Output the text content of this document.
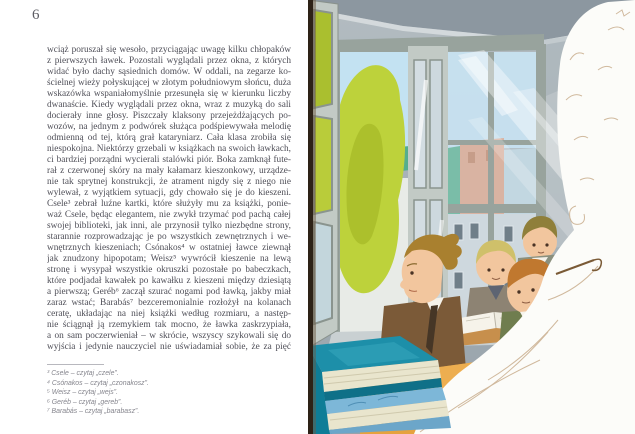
6
wciąż poruszał się wesoło, przyciągając uwagę kilku chłopaków
z pierwszych ławek. Pozostali wyglądali przez okna, z których
widać było dachy sąsiednich domów. W oddali, na zegarze ko-
ścielnej wieży połyskującej w złotym południowym słońcu, duża
wskazówka wspaniałomyślnie przesunęła się w kierunku liczby
dwanaście. Kiedy wyglądali przez okna, wraz z muzyką do sali
docierały inne głosy. Piszczały klaksony przejeżdżających po-
wozów, na jednym z podwórek służąca podśpiewywała melodię
odmienną od tej, którą grał kataryniarz. Cała klasa zrobiła się
niespokojna. Niektórzy grzebali w książkach na swoich ławkach,
ci bardziej porządni wycierali stalówki piór. Boka zamknął fute-
rał z czerwonej skóry na mały kałamarz kieszonkowy, urządze-
nie tak sprytnej konstrukcji, że atrament nigdy się z niego nie
wylewał, z wyjątkiem sytuacji, gdy chowało się je do kieszeni.
Csele³ zebrał luźne kartki, które służyły mu za książki, ponie-
waż Csele, będąc elegantem, nie zwykł trzymać pod pachą całej
swojej biblioteki, jak inni, ale przynosił tylko niezbędne strony,
starannie rozprowadzając je po wszystkich zewnętrznych i we-
wnętrznych kieszeniach; Csónakos⁴ w ostatniej ławce ziewnął
jak znudzony hipopotam; Weisz⁵ wywrócił kieszenie na lewą
stronę i wysypał wszystkie okruszki pozostałe po babeczkach,
które podjadał kawałek po kawałku z kieszeni między dziesiątą
a pierwszą; Geréb⁶ zaczął szurać nogami pod ławką, jakby miał
zaraz wstać; Barabás⁷ bezceremonialnie rozłożył na kolanach
ceratę, układając na niej książki według rozmiaru, a następ-
nie ściągnął ją rzemykiem tak mocno, że ławka zaskrzypiała,
a on sam poczerwieniał – w skrócie, wszyscy szykowali się do
wyjścia i jedynie nauczyciel nie uświadamiał sobie, że za pięć
³ Csele – czytaj „czele”.
⁴ Csónakos – czytaj „czonakosz”.
⁵ Weisz – czytaj „wejs”.
⁶ Geréb – czytaj „gereb”.
⁷ Barabás – czytaj „barabasz”.
